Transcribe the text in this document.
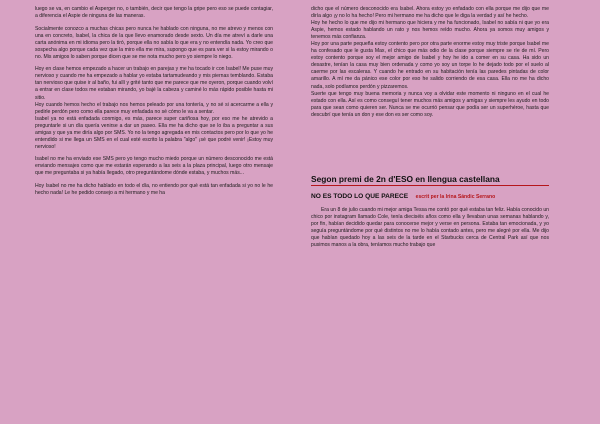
luego se va, en cambio el Asperger no, o también, decir que tengo la gripe pero eso se puede contagiar, a diferencia el Aspie de ninguna de las maneras.

Socialmente conozco a muchas chicas pero nunca he hablado con ninguna, no me atrevo y menos con una en concreto, Isabel, la chica de la que llevo enamorado desde sexto. Un día me atreví a darle una carta anónima en mi idioma pero la tiró, porque ella no sabía lo que era y no entendía nada. Yo creo que sospecha algo porque cada vez que la miro ella me mira, supongo que es para ver si la estoy mirando o no. Mis amigos lo saben porque dicen que se me nota mucho pero yo siempre lo niego.

Hoy en clase hemos empezado a hacer un trabajo en parejas y me ha tocado ir con Isabel! Me puse muy nervioso y cuando me ha empezado a hablar yo estaba tartamudeando y mis piernas temblando. Estaba tan nervioso que quise ir al baño, fui allí y grité tanto que me parece que me oyeron, porque cuando volví a entrar en clase todos me estaban mirando, yo bajé la cabeza y caminé lo más rápido posible hasta mi sitio.

Hoy cuando hemos hecho el trabajo nos hemos peleado por una tontería, y no sé si acercarme a ella y pedirle perdón pero como ella parece muy enfadada no sé cómo le va a sentar.

Isabel ya no está enfadada conmigo, es más, parece super cariñosa hoy, por eso me he atrevido a preguntarle si un día quería venirse a dar un paseo. Ella me ha dicho que se lo iba a preguntar a sus amigas y que ya me diría algo por SMS. Yo no la tengo agregada en mis contactos pero por lo que yo he entendido si me llega un SMS en el cual esté escrito la palabra "algo" ¡sé que podré venir! ¡Estoy muy nervioso!

Isabel no me ha enviado ese SMS pero yo tengo mucho miedo porque un número desconocido me está enviando mensajes como que me estarán esperando a las seis a la plaza principal, luego otro mensaje que me preguntaba si ya había llegado, otro preguntándome dónde estaba, y muchos más...

Hoy Isabel no me ha dicho hablado en todo el día, no entiendo por qué está tan enfadada si yo no le he hecho nada! Le he pedido consejo a mi hermano y me ha

dicho que el número desconocido era Isabel. Ahora estoy yo enfadado con ella porque me dijo que me diría algo ¡y no lo ha hecho! Pero mi hermano me ha dicho que le diga la verdad y así he hecho.

Hoy he hecho lo que me dijo mi hermano que hiciera y me ha funcionado, Isabel no sabía ni que yo era Aspie, hemos estado hablando un rato y nos hemos reído mucho. Ahora ya somos muy amigos y tenemos más confianza.

Hoy por una parte pequeña estoy contento pero por otra parte enorme estoy muy triste porque Isabel me ha confesado que le gusta Max, el chico que más odio de la clase porque siempre se ríe de mí. Pero estoy contento porque soy el mejor amigo de Isabel y hoy he ido a comer en su casa. Ha sido un desastre, tenían la casa muy bien ordenada y como yo soy un torpe lo he dejado todo por el suelo al caerme por las escaleras. Y cuando he entrado en su habitación tenía las paredes pintadas de color amarillo. A mí me da pánico ese color por eso he salido corriendo de esa casa. Ella no me ha dicho nada, solo podíamos perdón y pizzaremos.

Suerte que tengo muy buena memoria y nunca voy a olvidar este momento ni ninguno en el cual he estado con ella. Así es como conseguí tener muchos más amigos y amigas y siempre les ayudo en todo para que sean como quieren ser. Nunca se me ocurrió pensar que podía ser un superhéroe, hasta que descubrí que tenía un don y ese don es ser como soy.

Segon premi de 2n d'ESO en llengua castellana
NO ES TODO LO QUE PARECE escrit per la Irina Sándic Serrano

Era un 8 de julio cuando mi mejor amiga Tessa me contó por qué estaba tan feliz. Había conocido un chico por instagram llamado Cole, tenía dieciséis años como ella y llevaban unas semanas hablando y, por fin, habían decidido quedar para conocerse mejor y verse en persona. Estaba tan emocionada, y yo seguía preguntándome por qué distintos no me lo había contado antes, pero me alegré por ella. Me dijo que habían quedado hoy a las seis de la tarde en el Starbucks cerca de Central Park así que nos pusimos manos a la obra, teníamos mucho trabajo que
